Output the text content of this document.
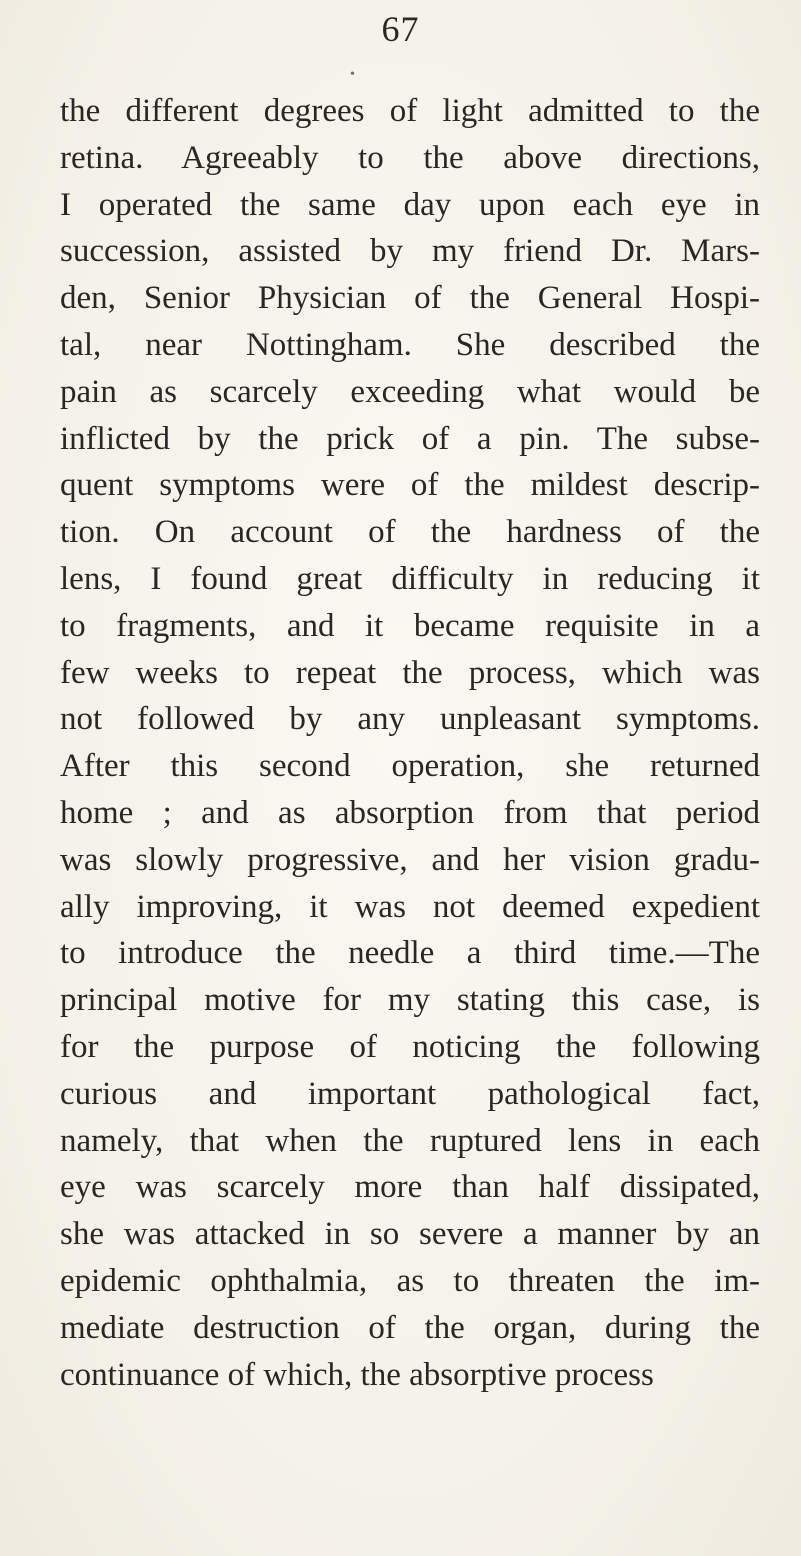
67
•
the different degrees of light admitted to the
retina. Agreeably to the above directions,
I operated the same day upon each eye in
succession, assisted by my friend Dr. Mars-
den, Senior Physician of the General Hospi-
tal, near Nottingham. She described the
pain as scarcely exceeding what would be
inflicted by the prick of a pin. The subse-
quent symptoms were of the mildest descrip-
tion. On account of the hardness of the
lens, I found great difficulty in reducing it
to fragments, and it became requisite in a
few weeks to repeat the process, which was
not followed by any unpleasant symptoms.
After this second operation, she returned
home ; and as absorption from that period
was slowly progressive, and her vision gradu-
ally improving, it was not deemed expedient
to introduce the needle a third time.—The
principal motive for my stating this case, is
for the purpose of noticing the following
curious and important pathological fact,
namely, that when the ruptured lens in each
eye was scarcely more than half dissipated,
she was attacked in so severe a manner by an
epidemic ophthalmia, as to threaten the im-
mediate destruction of the organ, during the
continuance of which, the absorptive process
